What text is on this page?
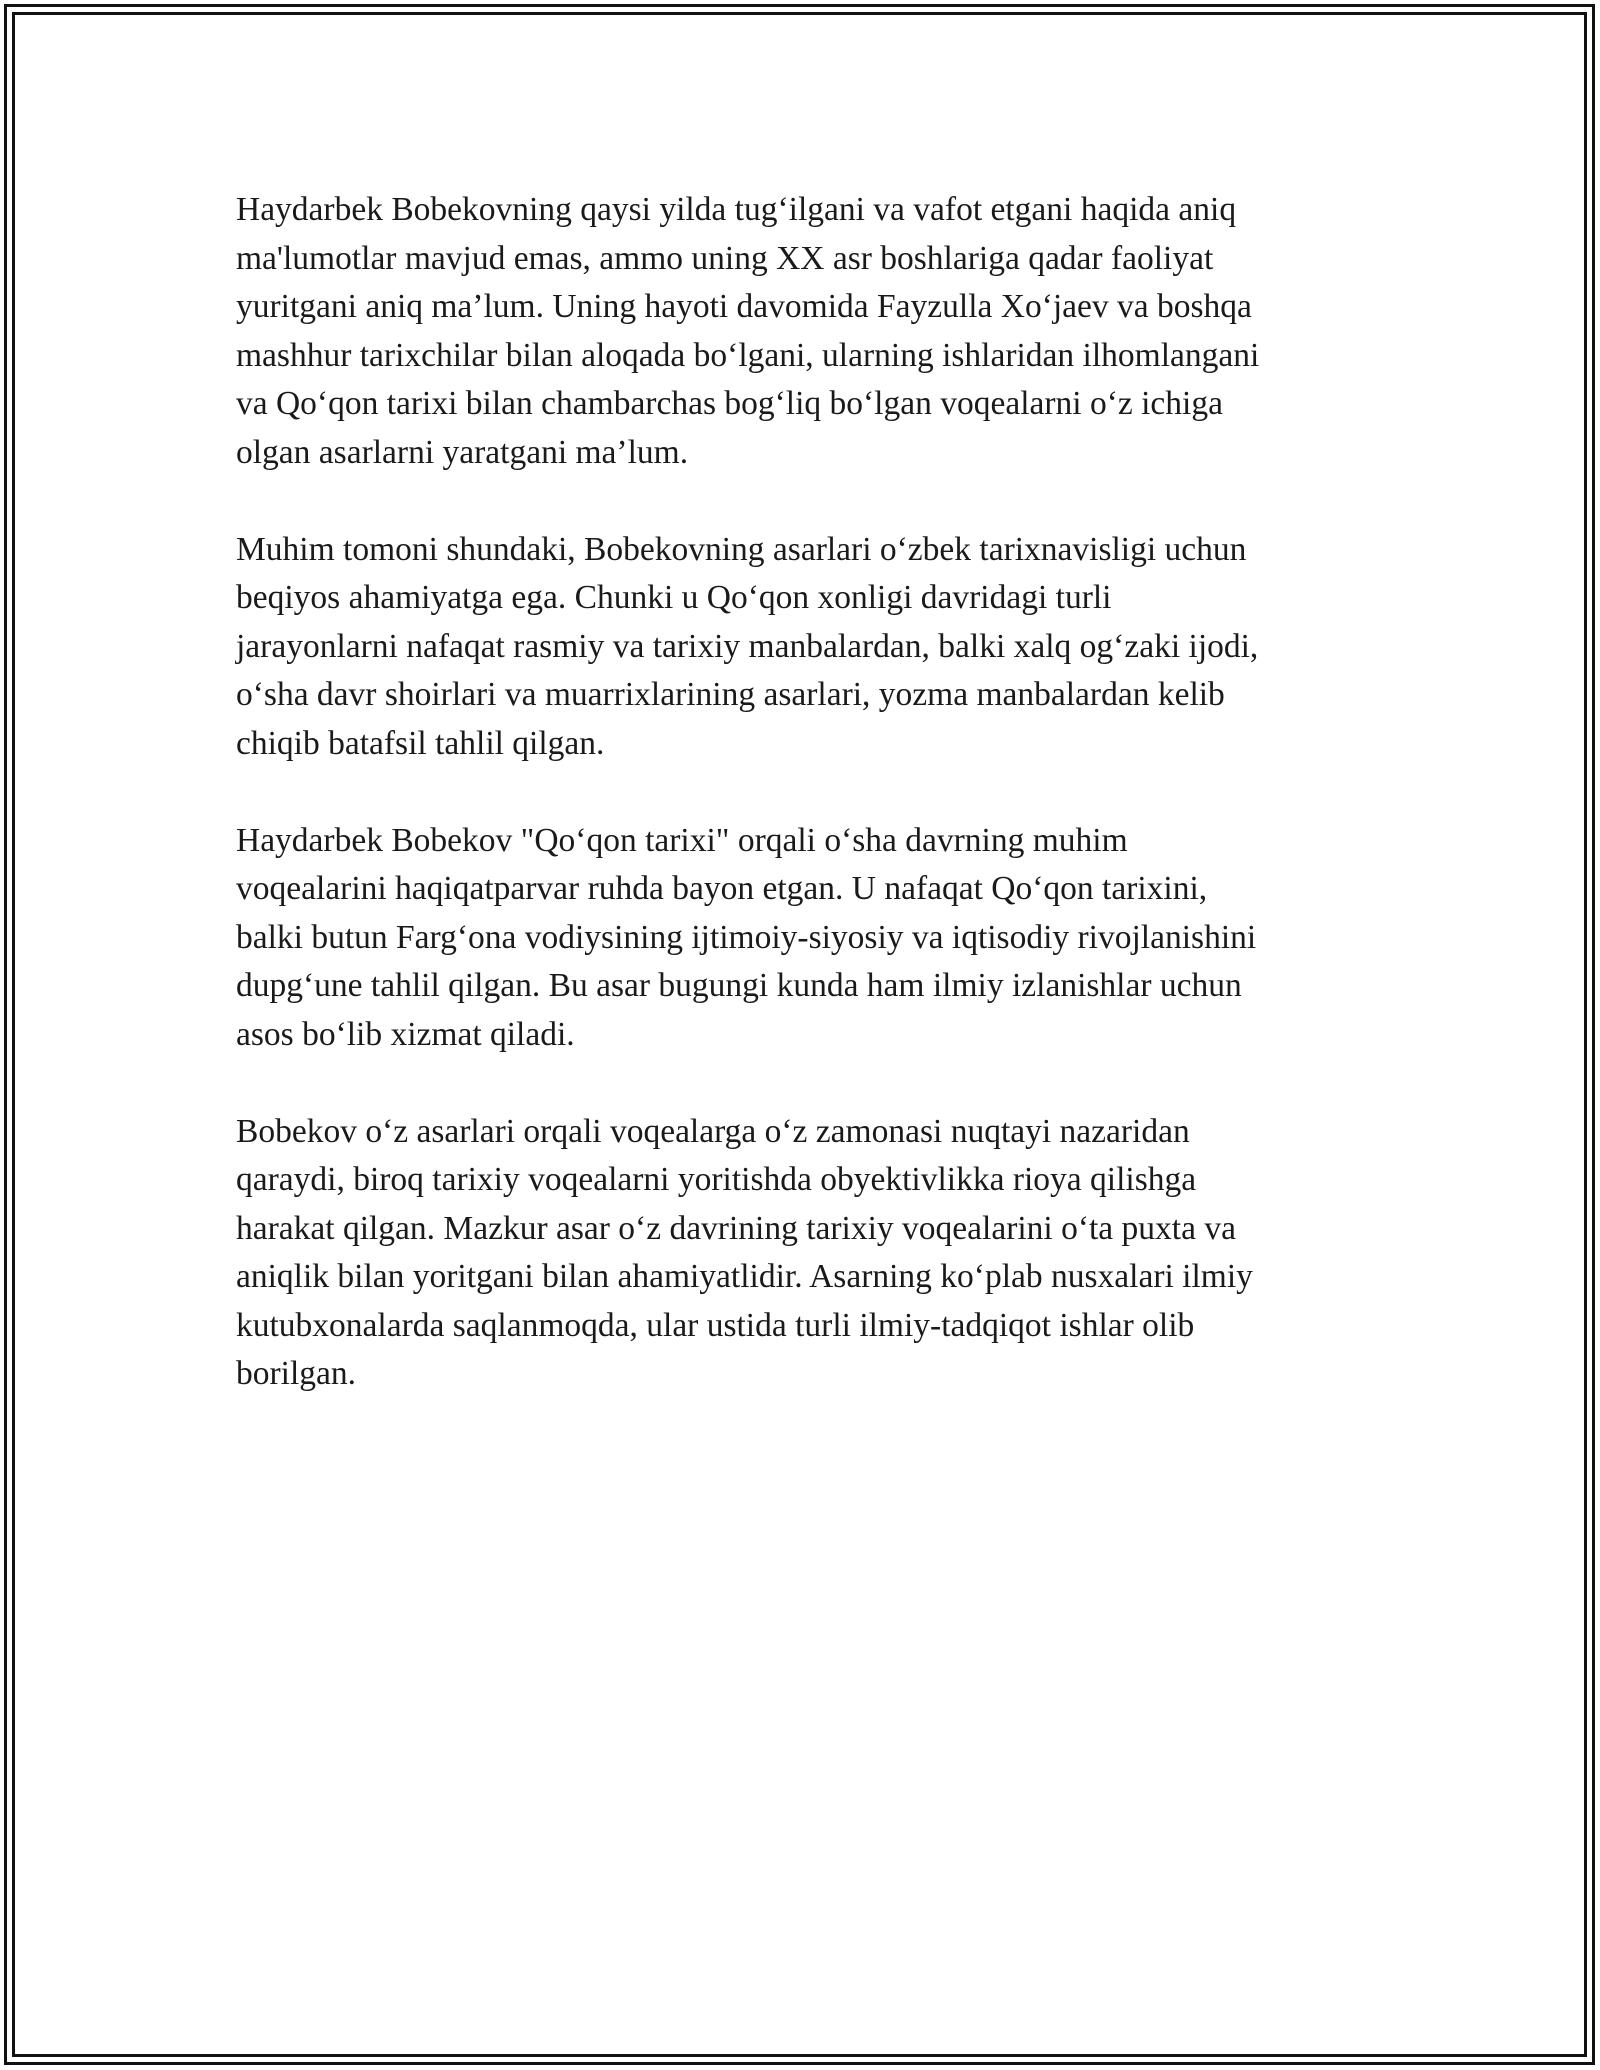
Haydarbek Bobekovning qaysi yilda tug‘ilgani va vafot etgani haqida aniq
ma'lumotlar mavjud emas, ammo uning XX asr boshlariga qadar faoliyat
yuritgani aniq ma’lum. Uning hayoti davomida Fayzulla Xo‘jaev va boshqa
mashhur tarixchilar bilan aloqada bo‘lgani, ularning ishlaridan ilhomlangani
va Qo‘qon tarixi bilan chambarchas bog‘liq bo‘lgan voqealarni o‘z ichiga
olgan asarlarni yaratgani ma’lum.

Muhim tomoni shundaki, Bobekovning asarlari o‘zbek tarixnavisligi uchun
beqiyos ahamiyatga ega. Chunki u Qo‘qon xonligi davridagi turli
jarayonlarni nafaqat rasmiy va tarixiy manbalardan, balki xalq og‘zaki ijodi,
o‘sha davr shoirlari va muarrixlarining asarlari, yozma manbalardan kelib
chiqib batafsil tahlil qilgan.

Haydarbek Bobekov "Qo‘qon tarixi" orqali o‘sha davrning muhim
voqealarini haqiqatparvar ruhda bayon etgan. U nafaqat Qo‘qon tarixini,
balki butun Farg‘ona vodiysining ijtimoiy-siyosiy va iqtisodiy rivojlanishini
dupg‘une tahlil qilgan. Bu asar bugungi kunda ham ilmiy izlanishlar uchun
asos bo‘lib xizmat qiladi.

Bobekov o‘z asarlari orqali voqealarga o‘z zamonasi nuqtayi nazaridan
qaraydi, biroq tarixiy voqealarni yoritishda obyektivlikka rioya qilishga
harakat qilgan. Mazkur asar o‘z davrining tarixiy voqealarini o‘ta puxta va
aniqlik bilan yoritgani bilan ahamiyatlidir. Asarning ko‘plab nusxalari ilmiy
kutubxonalarda saqlanmoqda, ular ustida turli ilmiy-tadqiqot ishlar olib
borilgan.
